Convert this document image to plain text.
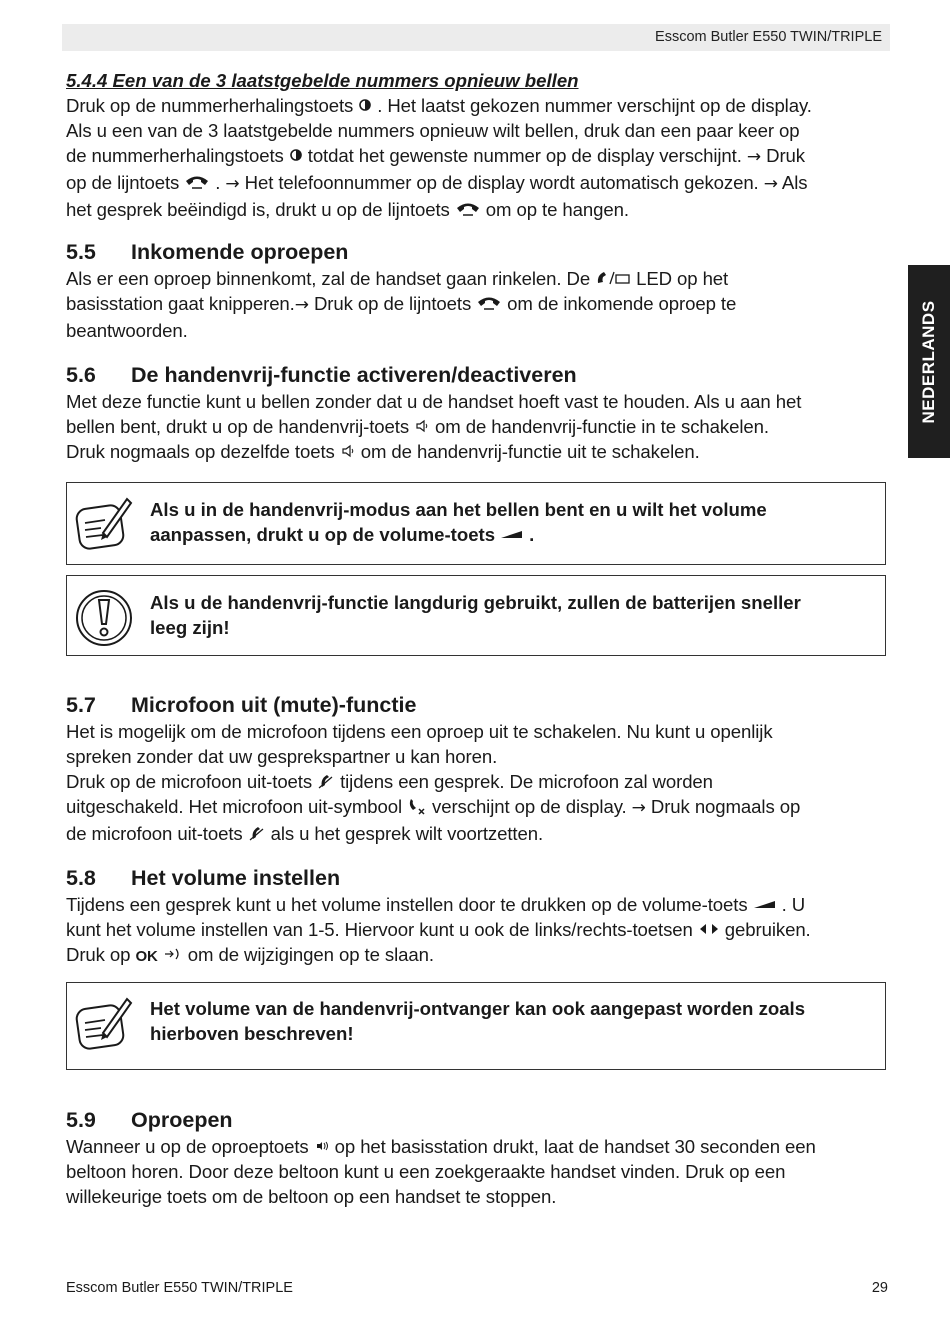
Esscom Butler E550 TWIN/TRIPLE
NEDERLANDS

5.4.4 Een van de 3 laatstgebelde nummers opnieuw bellen

Druk op de nummerherhalingstoets . Het laatst gekozen nummer verschijnt op de display.

Als u een van de 3 laatstgebelde nummers opnieuw wilt bellen, druk dan een paar keer op

de nummerherhalingstoets totdat het gewenste nummer op de display verschijnt. → Druk

op de lijntoets . → Het telefoonnummer op de display wordt automatisch gekozen. → Als

het gesprek beëindigd is, drukt u op de lijntoets om op te hangen.

5.5	Inkomende oproepen

Als er een oproep binnenkomt, zal de handset gaan rinkelen. De LED op het

basisstation gaat knipperen.→ Druk op de lijntoets om de inkomende oproep te

beantwoorden.

5.6	De handenvrij-functie activeren/deactiveren

Met deze functie kunt u bellen zonder dat u de handset hoeft vast te houden. Als u aan het

bellen bent, drukt u op de handenvrij-toets om de handenvrij-functie in te schakelen.

Druk nogmaals op dezelfde toets om de handenvrij-functie uit te schakelen.

Als u in de handenvrij-modus aan het bellen bent en u wilt het volume
aanpassen, drukt u op de volume-toets .
Als u de handenvrij-functie langdurig gebruikt, zullen de batterijen sneller
leeg zijn!
5.7	Microfoon uit (mute)-functie

Het is mogelijk om de microfoon tijdens een oproep uit te schakelen. Nu kunt u openlijk

spreken zonder dat uw gesprekspartner u kan horen.

Druk op de microfoon uit-toets tijdens een gesprek. De microfoon zal worden

uitgeschakeld. Het microfoon uit-symbool verschijnt op de display. → Druk nogmaals op

de microfoon uit-toets als u het gesprek wilt voortzetten.

5.8	Het volume instellen

Tijdens een gesprek kunt u het volume instellen door te drukken op de volume-toets . U

kunt het volume instellen van 1-5. Hiervoor kunt u ook de links/rechts-toetsen gebruiken.

Druk op OK om de wijzigingen op te slaan.

Het volume van de handenvrij-ontvanger kan ook aangepast worden zoals
hierboven beschreven!
5.9	Oproepen

Wanneer u op de oproeptoets op het basisstation drukt, laat de handset 30 seconden een

beltoon horen. Door deze beltoon kunt u een zoekgeraakte handset vinden. Druk op een

willekeurige toets om de beltoon op een handset te stoppen.

Esscom Butler E550 TWIN/TRIPLE	29
